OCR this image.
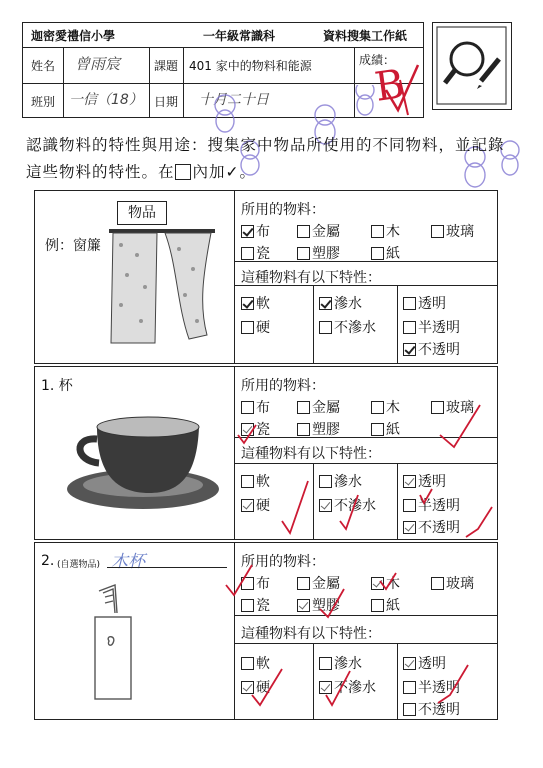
迦密愛禮信小學	一年級常識科	資料搜集工作紙
姓名 曾雨宸	課題 401 家中的物料和能源
班別 一信（18） 日期 十月二十日
成績：
B
認識物料的特性與用途：搜集家中物品所使用的不同物料，並記錄
這些物料的特性。在 內加✓。
物品
例：窗簾
所用的物料：
布	金屬	木	玻璃
瓷	塑膠	紙
這種物料有以下特性：
軟	滲水	透明
硬	不滲水	半透明
不透明
1. 杯	所用的物料：
布	金屬	木	玻璃
瓷	塑膠	紙
這種物料有以下特性：
軟	滲水	透明
硬	不滲水	半透明
不透明
2. (自選物品) 木杯	所用的物料：
布	金屬	木	玻璃
瓷	塑膠	紙
這種物料有以下特性：
軟	滲水	透明
硬	不滲水	半透明
不透明
